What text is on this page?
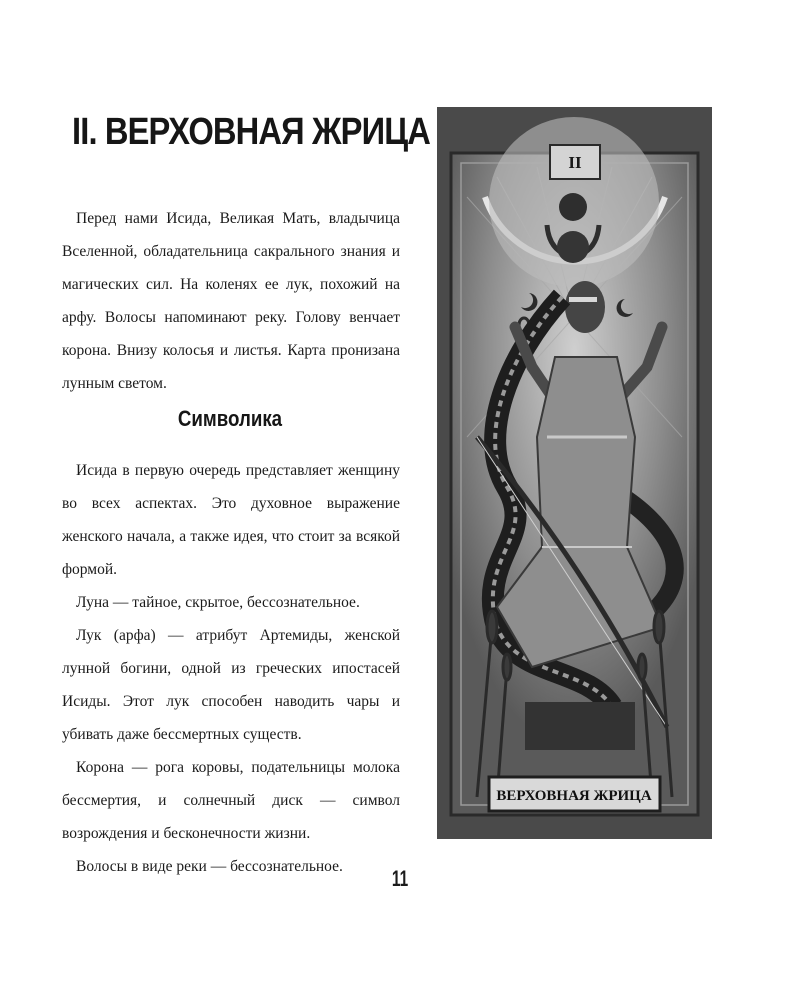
II. ВЕРХОВНАЯ ЖРИЦА

Перед нами Исида, Великая Мать, владычица Вселенной, обладательница сакрального знания и магических сил. На коленях ее лук, похожий на арфу. Волосы напоминают реку. Голову венчает корона. Внизу колосья и листья. Карта пронизана лунным светом.

Символика

Исида в первую очередь представляет женщину во всех аспектах. Это духовное выражение женского начала, а также идея, что стоит за всякой формой.

Луна — тайное, скрытое, бессознательное.

Лук (арфа) — атрибут Артемиды, женской лунной богини, одной из греческих ипостасей Исиды. Этот лук способен наводить чары и убивать даже бессмертных существ.

Корона — рога коровы, подательницы молока бессмертия, и солнечный диск — символ возрождения и бесконечности жизни.

Волосы в виде реки — бессознательное.	11
II
ВЕРХОВНАЯ ЖРИЦА
